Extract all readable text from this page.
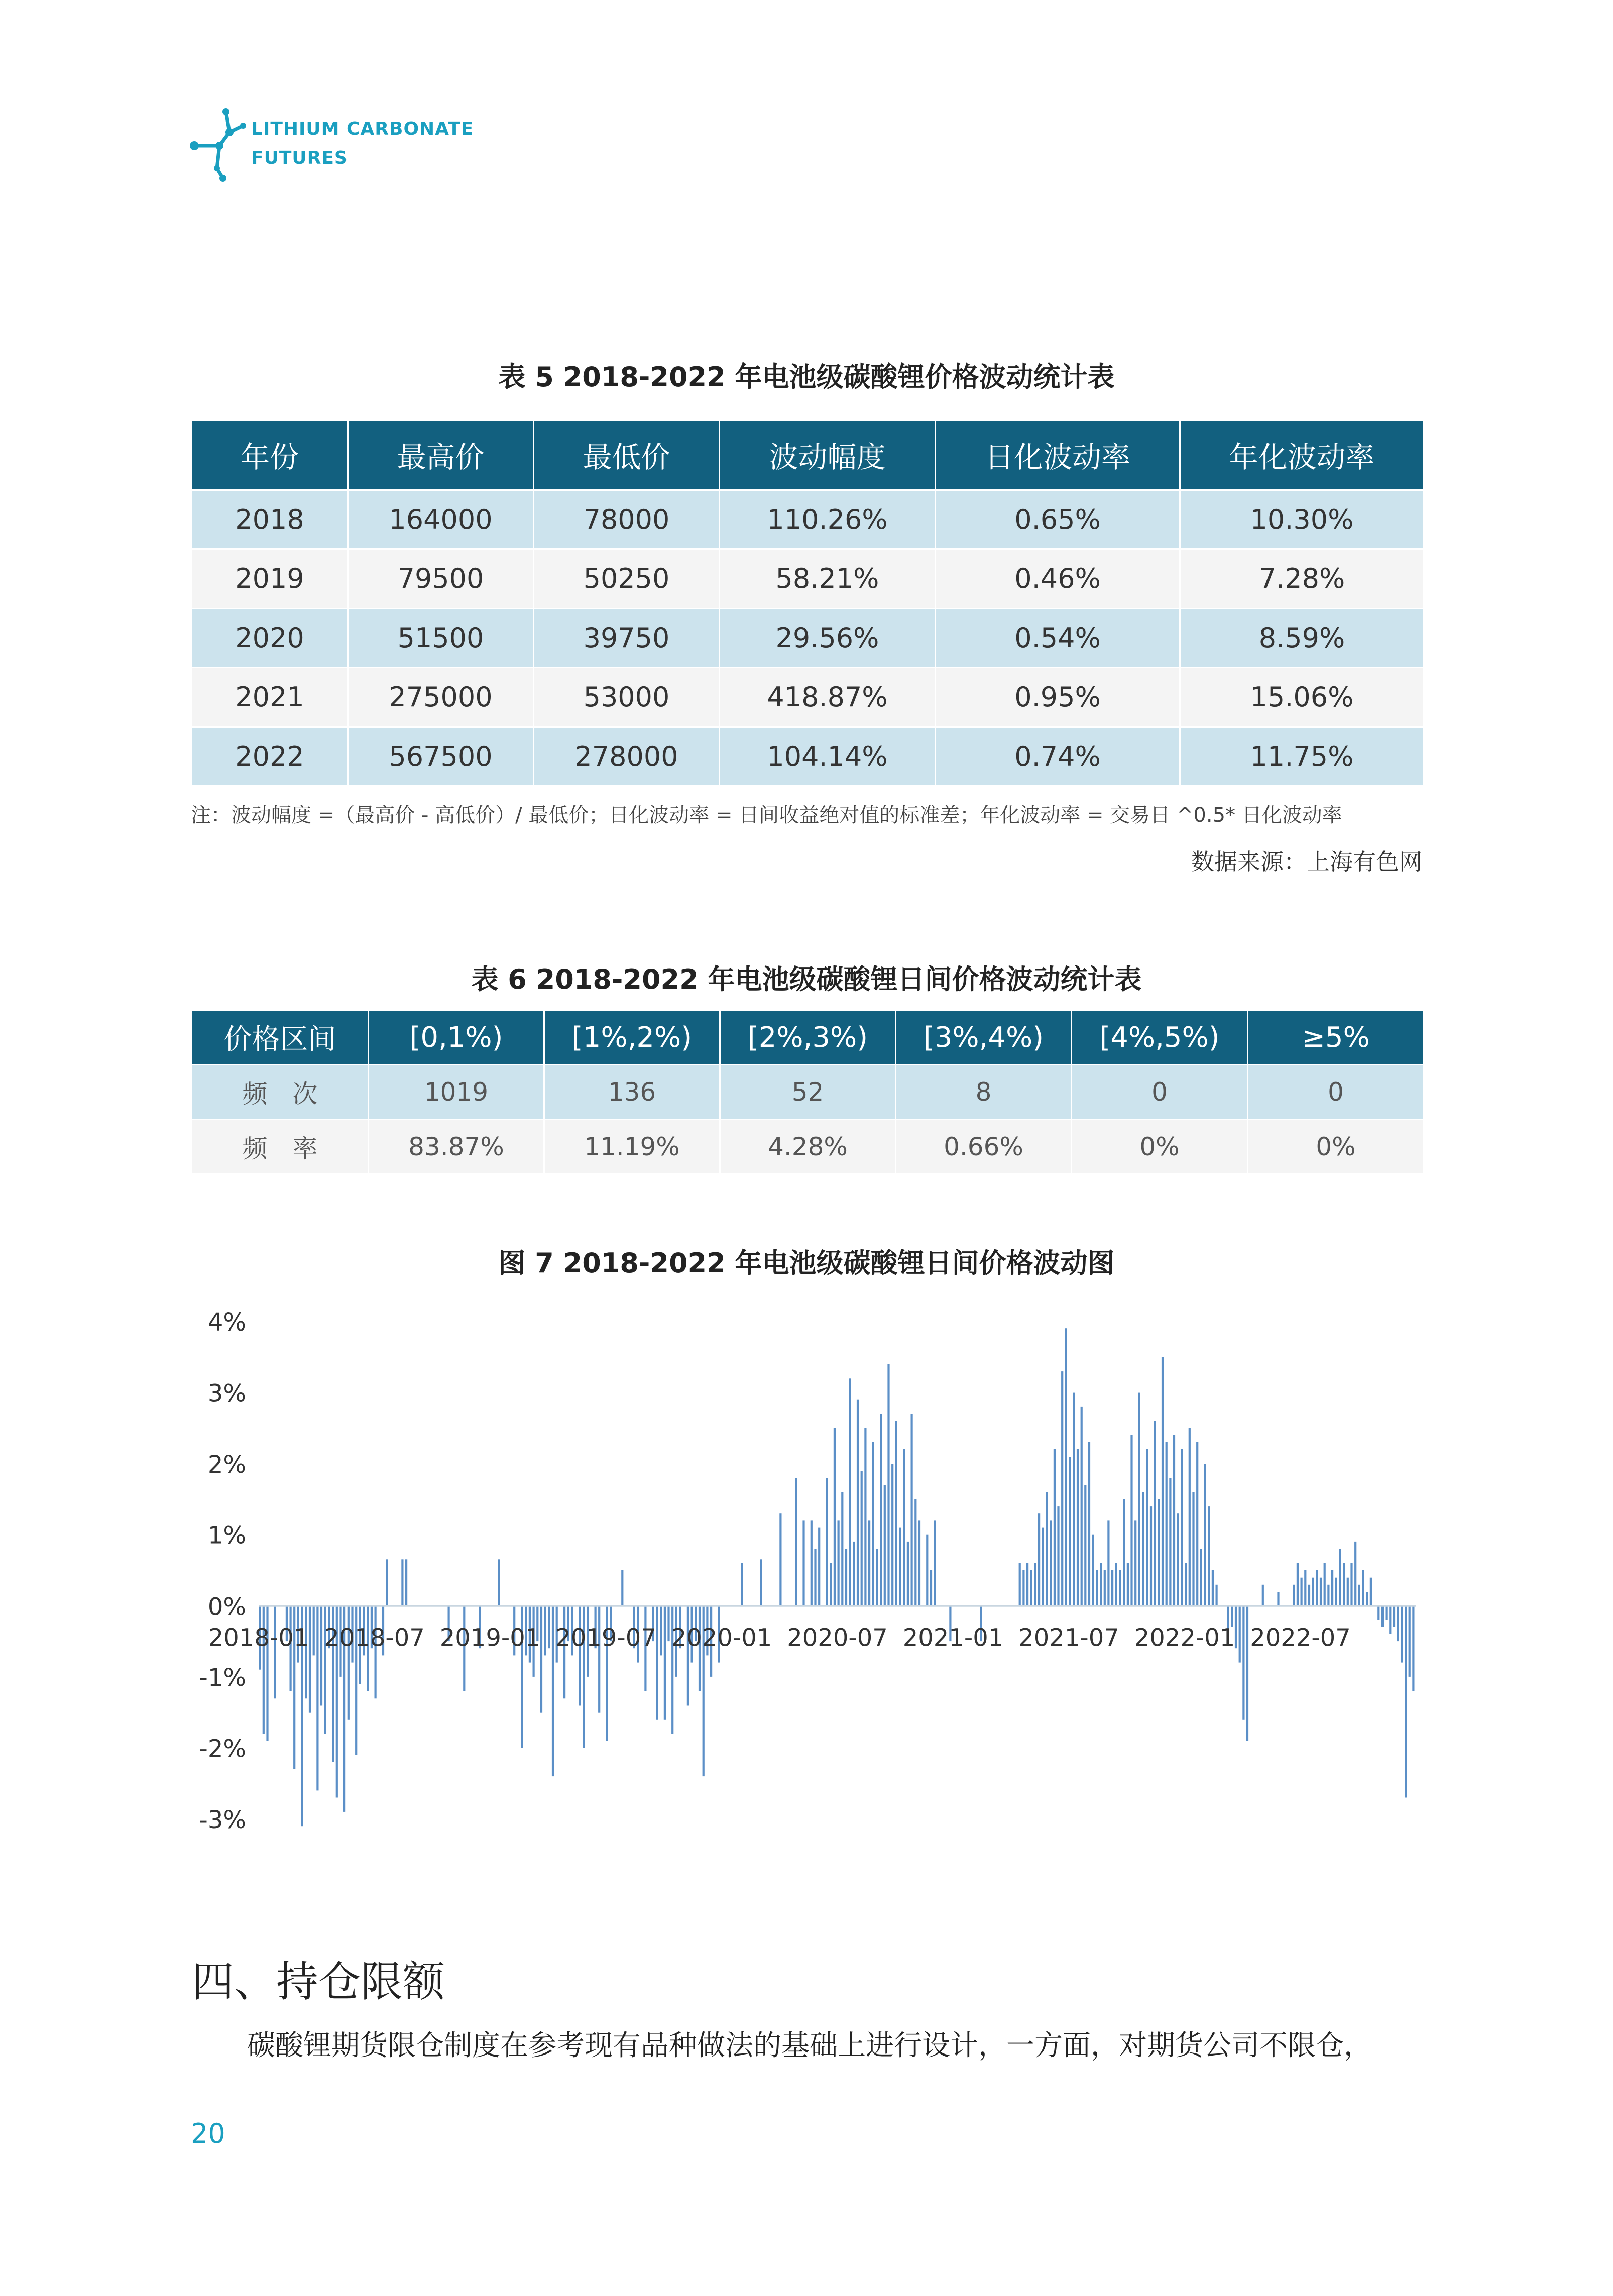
LITHIUM CARBONATE
FUTURES
表 5 2018-2022 年电池级碳酸锂价格波动统计表
年份	最高价	最低价	波动幅度	日化波动率	年化波动率
2018	164000	78000	110.26%	0.65%	10.30%
2019	79500	50250	58.21%	0.46%	7.28%
2020	51500	39750	29.56%	0.54%	8.59%
2021	275000	53000	418.87%	0.95%	15.06%
2022	567500	278000	104.14%	0.74%	11.75%
注：波动幅度 =（最高价 - 高低价）/ 最低价；日化波动率 = 日间收益绝对值的标准差；年化波动率 = 交易日 ^0.5* 日化波动率
数据来源：上海有色网
表 6 2018-2022 年电池级碳酸锂日间价格波动统计表
价格区间	[0,1%)	[1%,2%)	[2%,3%)	[3%,4%)	[4%,5%)	≥5%
频　次	1019	136	52	8	0	0
频　率	83.87%	11.19%	4.28%	0.66%	0%	0%
图 7 2018-2022 年电池级碳酸锂日间价格波动图
4%
3%
2%
1%
0%
-1%
-2%
-3%
2018-01 2018-07 2019-01 2019-07 2020-01 2020-07 2021-01 2021-07 2022-01 2022-07
四、持仓限额
碳酸锂期货限仓制度在参考现有品种做法的基础上进行设计，一方面，对期货公司不限仓，
20
